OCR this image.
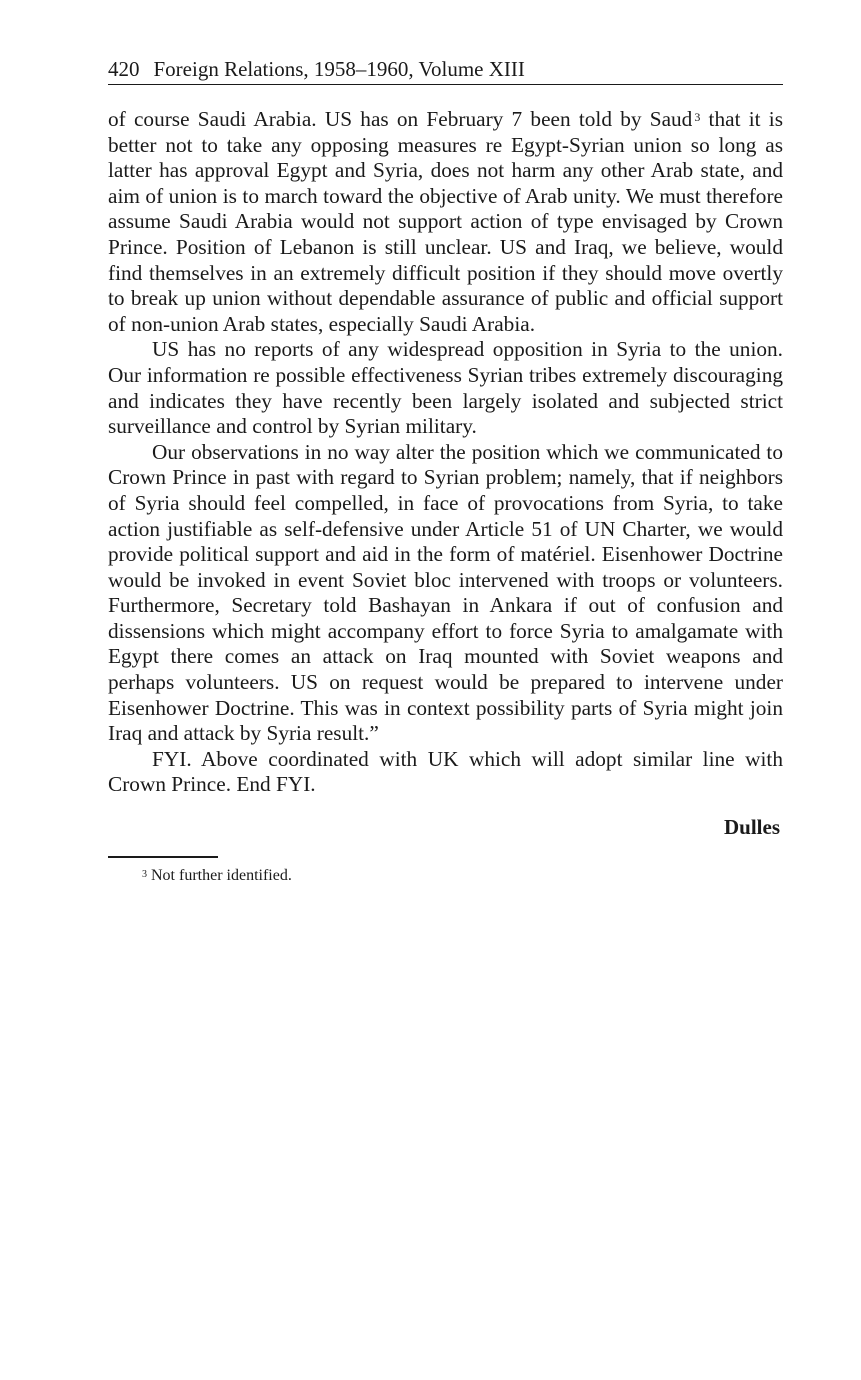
420 Foreign Relations, 1958–1960, Volume XIII

of course Saudi Arabia. US has on February 7 been told by Saud $^3$ that it is better not to take any opposing measures re Egypt-Syrian union so long as latter has approval Egypt and Syria, does not harm any other Arab state, and aim of union is to march toward the objective of Arab unity. We must therefore assume Saudi Arabia would not support action of type envisaged by Crown Prince. Position of Lebanon is still unclear. US and Iraq, we believe, would find themselves in an extremely difficult position if they should move overtly to break up union without dependable assurance of public and official support of non-union Arab states, especially Saudi Arabia.

US has no reports of any widespread opposition in Syria to the union. Our information re possible effectiveness Syrian tribes extremely discouraging and indicates they have recently been largely isolated and subjected strict surveillance and control by Syrian military.

Our observations in no way alter the position which we communicated to Crown Prince in past with regard to Syrian problem; namely, that if neighbors of Syria should feel compelled, in face of provocations from Syria, to take action justifiable as self-defensive under Article 51 of UN Charter, we would provide political support and aid in the form of matériel. Eisenhower Doctrine would be invoked in event Soviet bloc intervened with troops or volunteers. Furthermore, Secretary told Bashayan in Ankara if out of confusion and dissensions which might accompany effort to force Syria to amalgamate with Egypt there comes an attack on Iraq mounted with Soviet weapons and perhaps volunteers. US on request would be prepared to intervene under Eisenhower Doctrine. This was in context possibility parts of Syria might join Iraq and attack by Syria result.”

FYI. Above coordinated with UK which will adopt similar line with Crown Prince. End FYI.

Dulles
$^3$ Not further identified.
